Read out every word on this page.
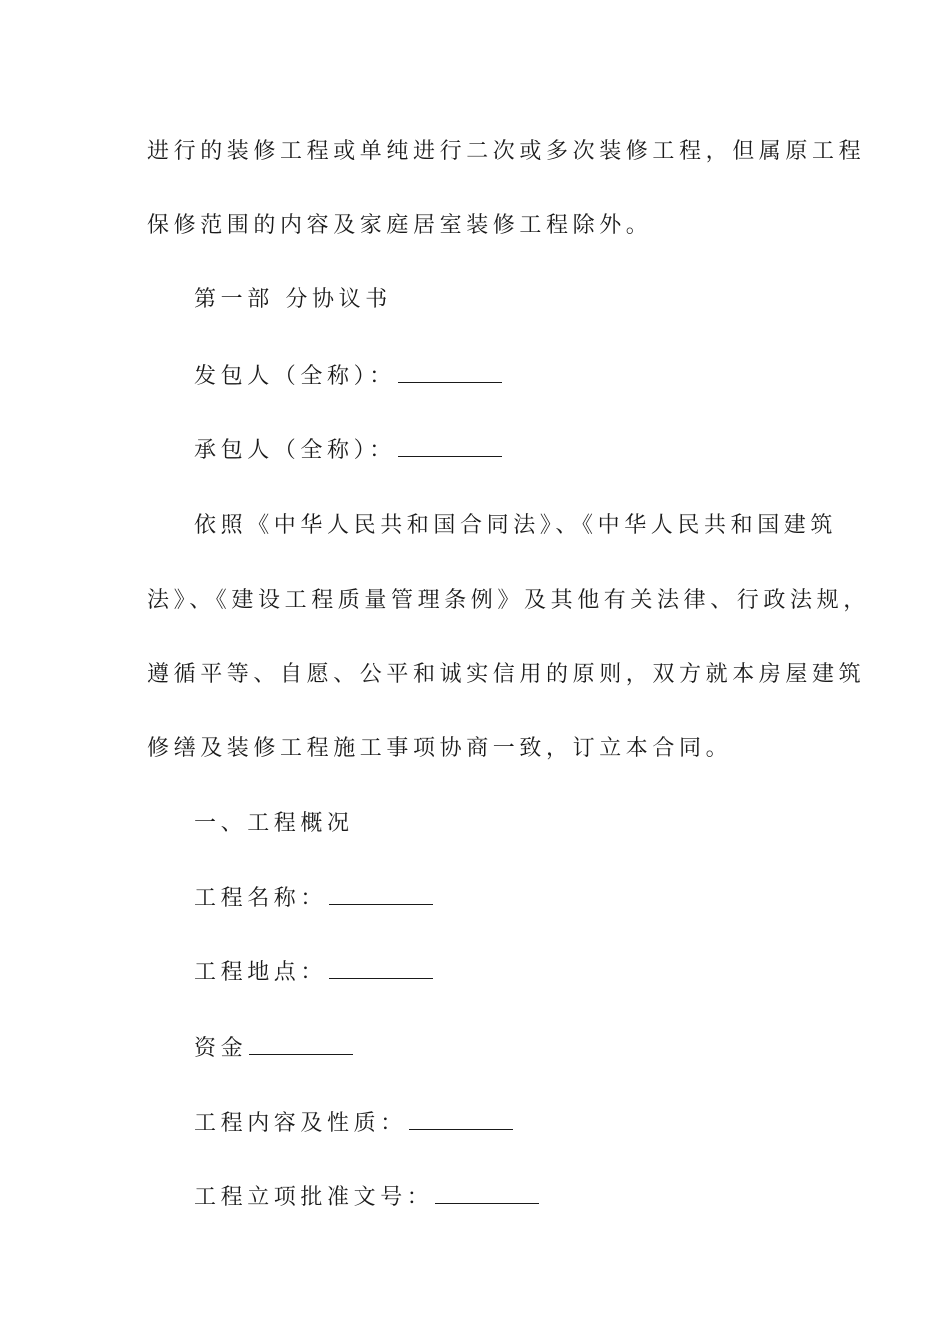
进行的装修工程或单纯进行二次或多次装修工程，但属原工程
保修范围的内容及家庭居室装修工程除外。
第一部 分协议书
发包人（全称）：
承包人（全称）：
依照《中华人民共和国合同法》、《中华人民共和国建筑
法》、《建设工程质量管理条例》及其他有关法律、行政法规，
遵循平等、自愿、公平和诚实信用的原则，双方就本房屋建筑
修缮及装修工程施工事项协商一致，订立本合同。
一、工程概况
工程名称：
工程地点：
资金
工程内容及性质：
工程立项批准文号：
